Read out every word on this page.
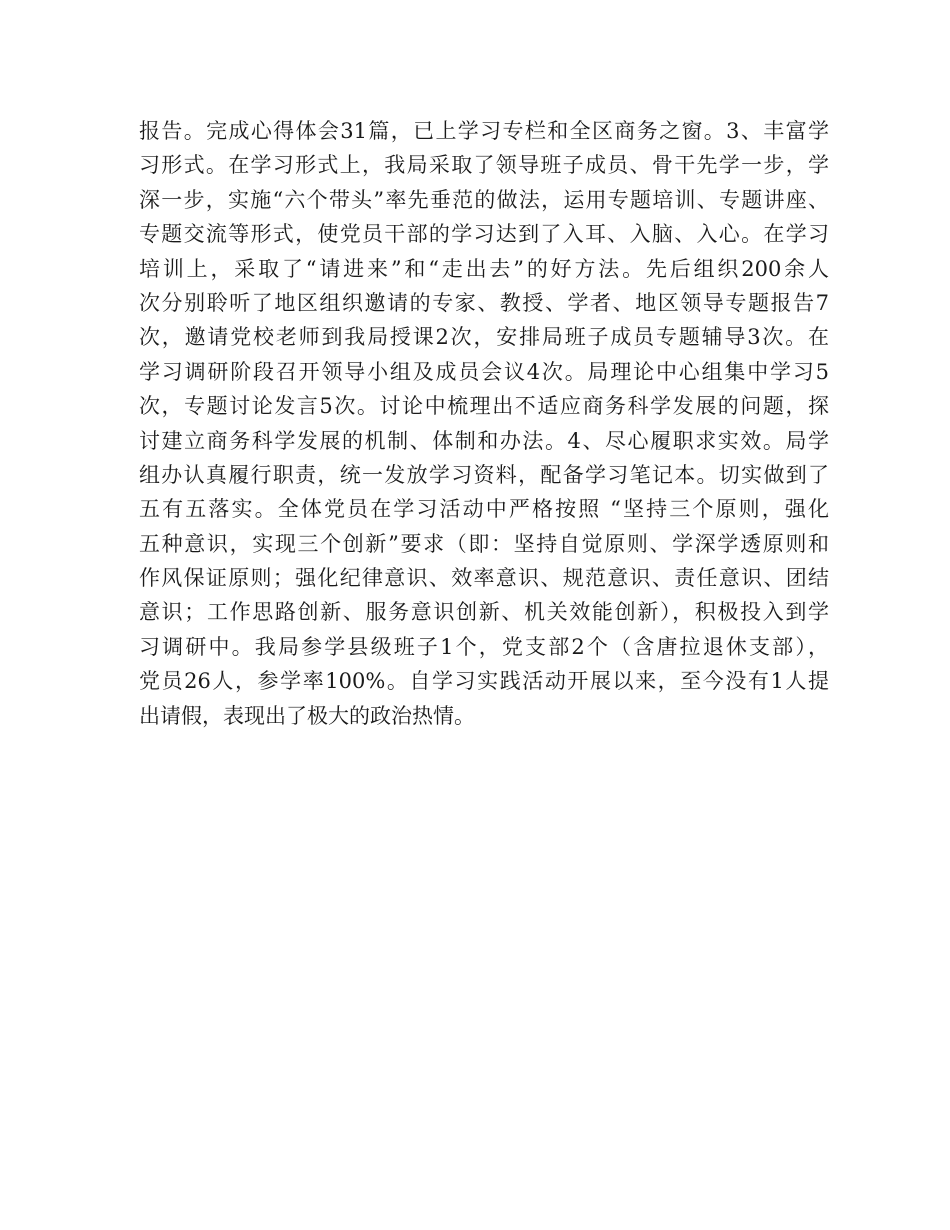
报告。完成心得体会31篇，已上学习专栏和全区商务之窗。3、丰富学
习形式。在学习形式上，我局采取了领导班子成员、骨干先学一步，学
深一步，实施“六个带头”率先垂范的做法，运用专题培训、专题讲座、
专题交流等形式，使党员干部的学习达到了入耳、入脑、入心。在学习
培训上，采取了“请进来”和“走出去”的好方法。先后组织200余人
次分别聆听了地区组织邀请的专家、教授、学者、地区领导专题报告7
次，邀请党校老师到我局授课2次，安排局班子成员专题辅导3次。在
学习调研阶段召开领导小组及成员会议4次。局理论中心组集中学习5
次，专题讨论发言5次。讨论中梳理出不适应商务科学发展的问题，探
讨建立商务科学发展的机制、体制和办法。4、尽心履职求实效。局学
组办认真履行职责，统一发放学习资料，配备学习笔记本。切实做到了
五有五落实。全体党员在学习活动中严格按照 “坚持三个原则，强化
五种意识，实现三个创新”要求（即：坚持自觉原则、学深学透原则和
作风保证原则；强化纪律意识、效率意识、规范意识、责任意识、团结
意识；工作思路创新、服务意识创新、机关效能创新），积极投入到学
习调研中。我局参学县级班子1个，党支部2个（含唐拉退休支部），
党员26人，参学率100%。自学习实践活动开展以来，至今没有1人提
出请假，表现出了极大的政治热情。
